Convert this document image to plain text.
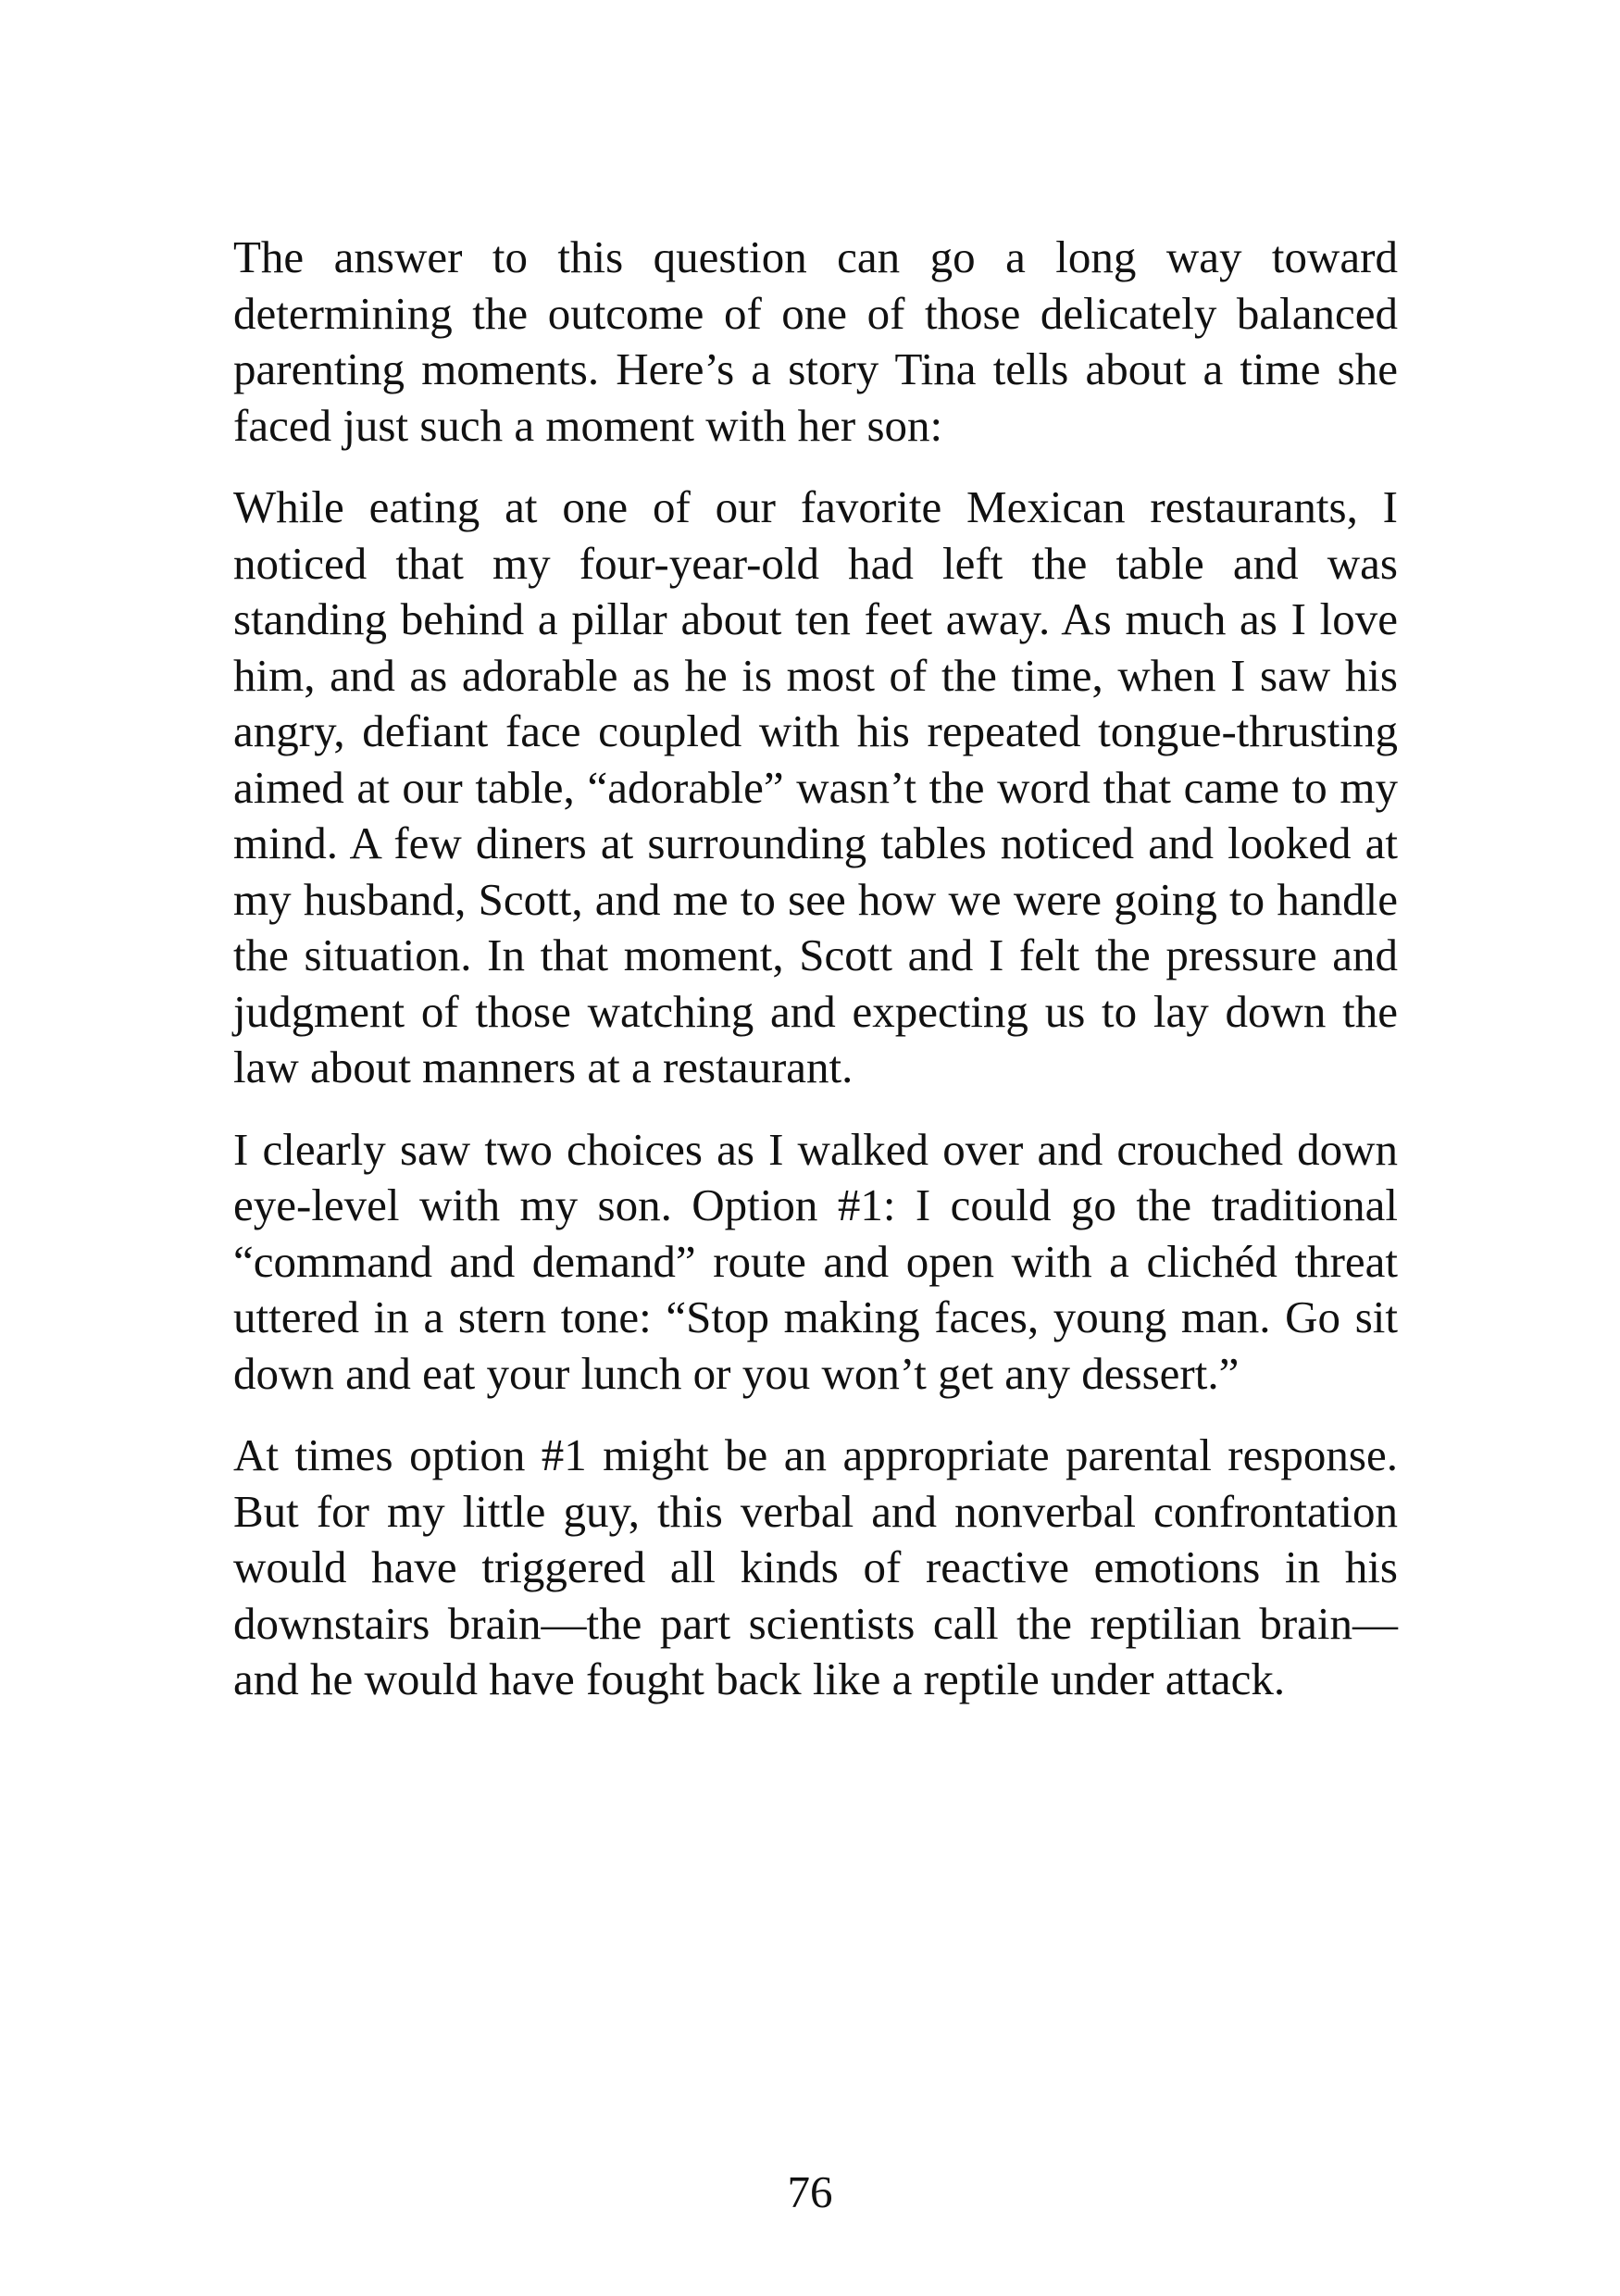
The answer to this question can go a long way toward determining the outcome of one of those delicately balanced parenting moments. Here’s a story Tina tells about a time she faced just such a moment with her son:

While eating at one of our favorite Mexican restaurants, I noticed that my four-year-old had left the table and was standing behind a pillar about ten feet away. As much as I love him, and as adorable as he is most of the time, when I saw his angry, defiant face coupled with his repeated tongue-thrusting aimed at our table, “adorable” wasn’t the word that came to my mind. A few diners at surrounding tables noticed and looked at my husband, Scott, and me to see how we were going to handle the situation. In that moment, Scott and I felt the pressure and judgment of those watching and expecting us to lay down the law about manners at a restaurant.

I clearly saw two choices as I walked over and crouched down eye-level with my son. Option #1: I could go the traditional “command and demand” route and open with a clichéd threat uttered in a stern tone: “Stop making faces, young man. Go sit down and eat your lunch or you won’t get any dessert.”

At times option #1 might be an appropriate parental response. But for my little guy, this verbal and nonverbal confrontation would have triggered all kinds of reactive emotions in his downstairs brain—the part scientists call the reptilian brain—and he would have fought back like a reptile under attack.

76
